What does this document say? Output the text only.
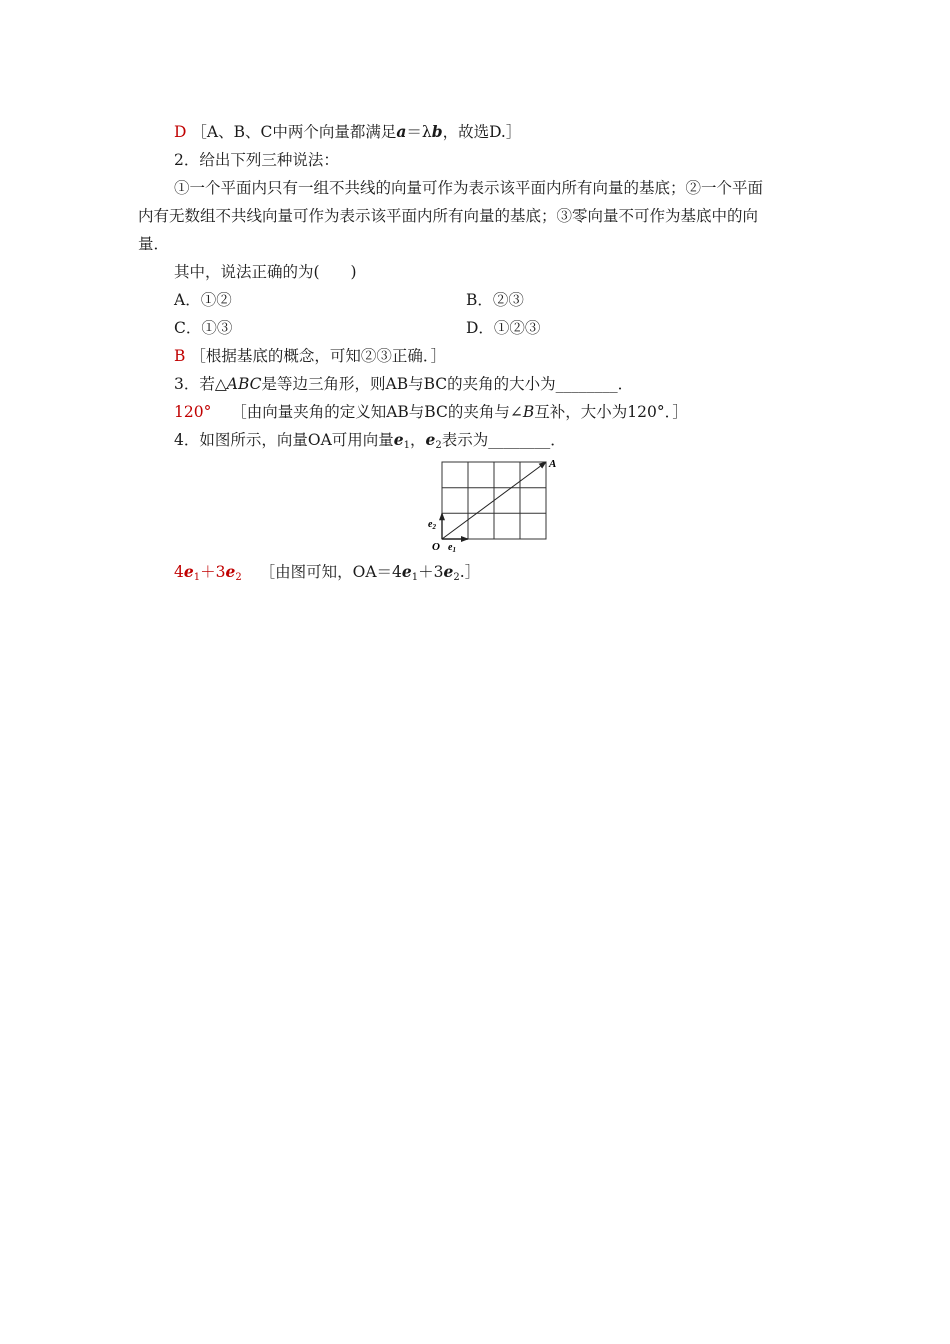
D ［A、B、C中两个向量都满足a＝λb，故选D.］
2．给出下列三种说法：
①一个平面内只有一组不共线的向量可作为表示该平面内所有向量的基底；②一个平面
内有无数组不共线向量可作为表示该平面内所有向量的基底；③零向量不可作为基底中的向
量．
其中，说法正确的为(　　)
A．①②	B．②③
C．①③	D．①②③
B ［根据基底的概念，可知②③正确．］
3．若△ABC是等边三角形，则AB与BC的夹角的大小为________．
120° ［由向量夹角的定义知AB与BC的夹角与∠B互补，大小为120°．］
4．如图所示，向量OA可用向量$e_1$，$e_2$表示为________．
A
O $e_1$
$e_2$
$4e_1+3e_2$ ［由图可知，$OA=4e_1+3e_2.]$
